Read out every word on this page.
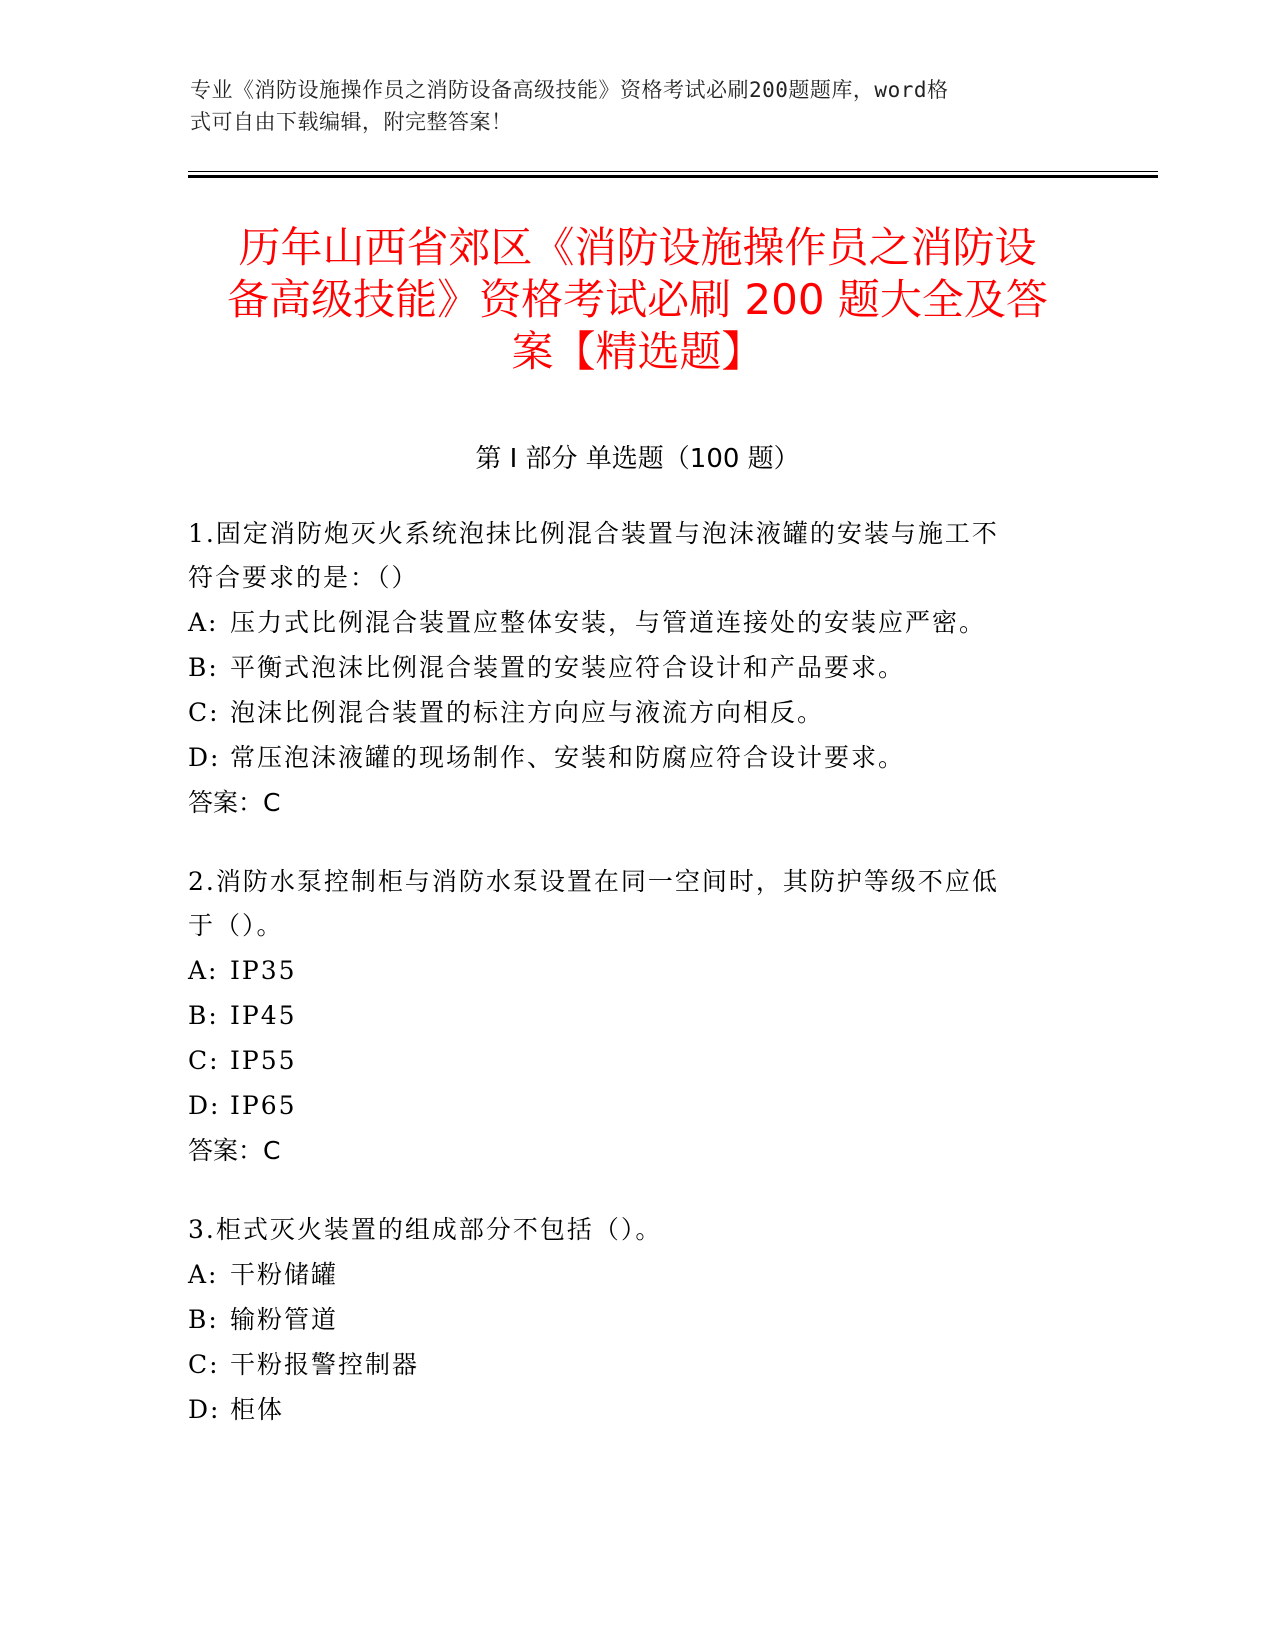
专业《消防设施操作员之消防设备高级技能》资格考试必刷200题题库，word格
式可自由下载编辑，附完整答案！
历年山西省郊区《消防设施操作员之消防设
备高级技能》资格考试必刷 200 题大全及答
案【精选题】
第 I 部分 单选题（100 题）
1.固定消防炮灭火系统泡抹比例混合装置与泡沫液罐的安装与施工不
符合要求的是：（）
A: 压力式比例混合装置应整体安装，与管道连接处的安装应严密。
B: 平衡式泡沫比例混合装置的安装应符合设计和产品要求。
C: 泡沫比例混合装置的标注方向应与液流方向相反。
D: 常压泡沫液罐的现场制作、安装和防腐应符合设计要求。
答案：C
2.消防水泵控制柜与消防水泵设置在同一空间时，其防护等级不应低
于（）。
A: IP35
B: IP45
C: IP55
D: IP65
答案：C
3.柜式灭火装置的组成部分不包括（）。
A: 干粉储罐
B: 输粉管道
C: 干粉报警控制器
D: 柜体
